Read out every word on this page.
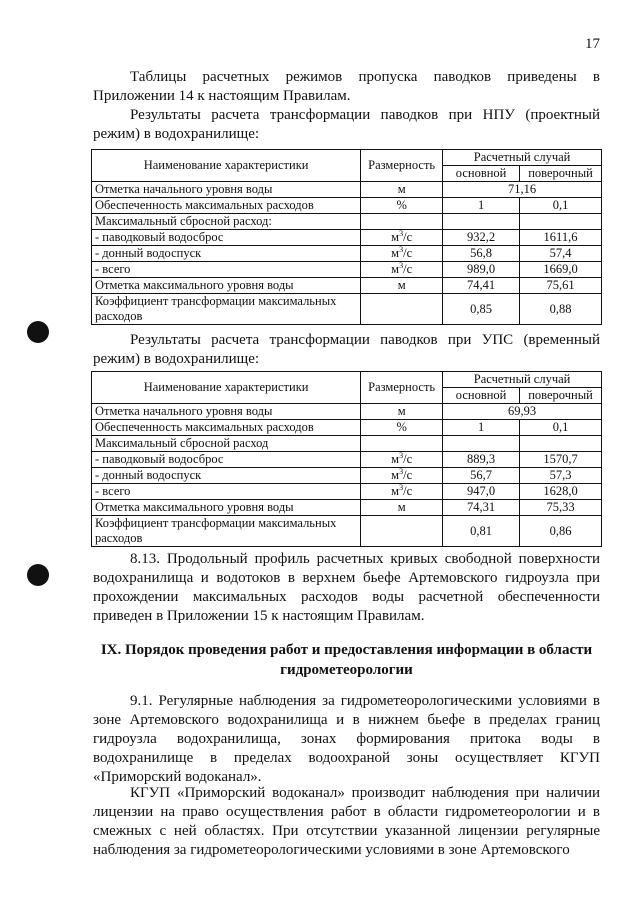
17

Таблицы расчетных режимов пропуска паводков приведены в Приложении 14 к настоящим Правилам.

Результаты расчета трансформации паводков при НПУ (проектный режим) в водохранилище:

Наименование характеристики	Размерность	Расчетный случай	
		основной	поверочный
Отметка начального уровня воды	м	71,16	
Обеспеченность максимальных расходов	%	1	0,1
Максимальный сбросной расход:			
- паводковый водосброс	$м^3/с$	932,2	1611,6
- донный водоспуск	$м^3/с$	56,8	57,4
- всего	$м^3/с$	989,0	1669,0
Отметка максимального уровня воды	м	74,41	75,61
Коэффициент трансформации максимальных расходов		0,85	0,88

Результаты расчета трансформации паводков при УПС (временный режим) в водохранилище:

Наименование характеристики	Размерность	Расчетный случай	
		основной	поверочный
Отметка начального уровня воды	м	69,93	
Обеспеченность максимальных расходов	%	1	0,1
Максимальный сбросной расход			
- паводковый водосброс	$м^3/с$	889,3	1570,7
- донный водоспуск	$м^3/с$	56,7	57,3
- всего	$м^3/с$	947,0	1628,0
Отметка максимального уровня воды	м	74,31	75,33
Коэффициент трансформации максимальных расходов		0,81	0,86

8.13. Продольный профиль расчетных кривых свободной поверхности водохранилища и водотоков в верхнем бьефе Артемовского гидроузла при прохождении максимальных расходов воды расчетной обеспеченности приведен в Приложении 15 к настоящим Правилам.

IX. Порядок проведения работ и предоставления информации в области гидрометеорологии

9.1. Регулярные наблюдения за гидрометеорологическими условиями в зоне Артемовского водохранилища и в нижнем бьефе в пределах границ гидроузла водохранилища, зонах формирования притока воды в водохранилище в пределах водоохраной зоны осуществляет КГУП «Приморский водоканал».

КГУП «Приморский водоканал» производит наблюдения при наличии лицензии на право осуществления работ в области гидрометеорологии и в смежных с ней областях. При отсутствии указанной лицензии регулярные наблюдения за гидрометеорологическими условиями в зоне Артемовского
